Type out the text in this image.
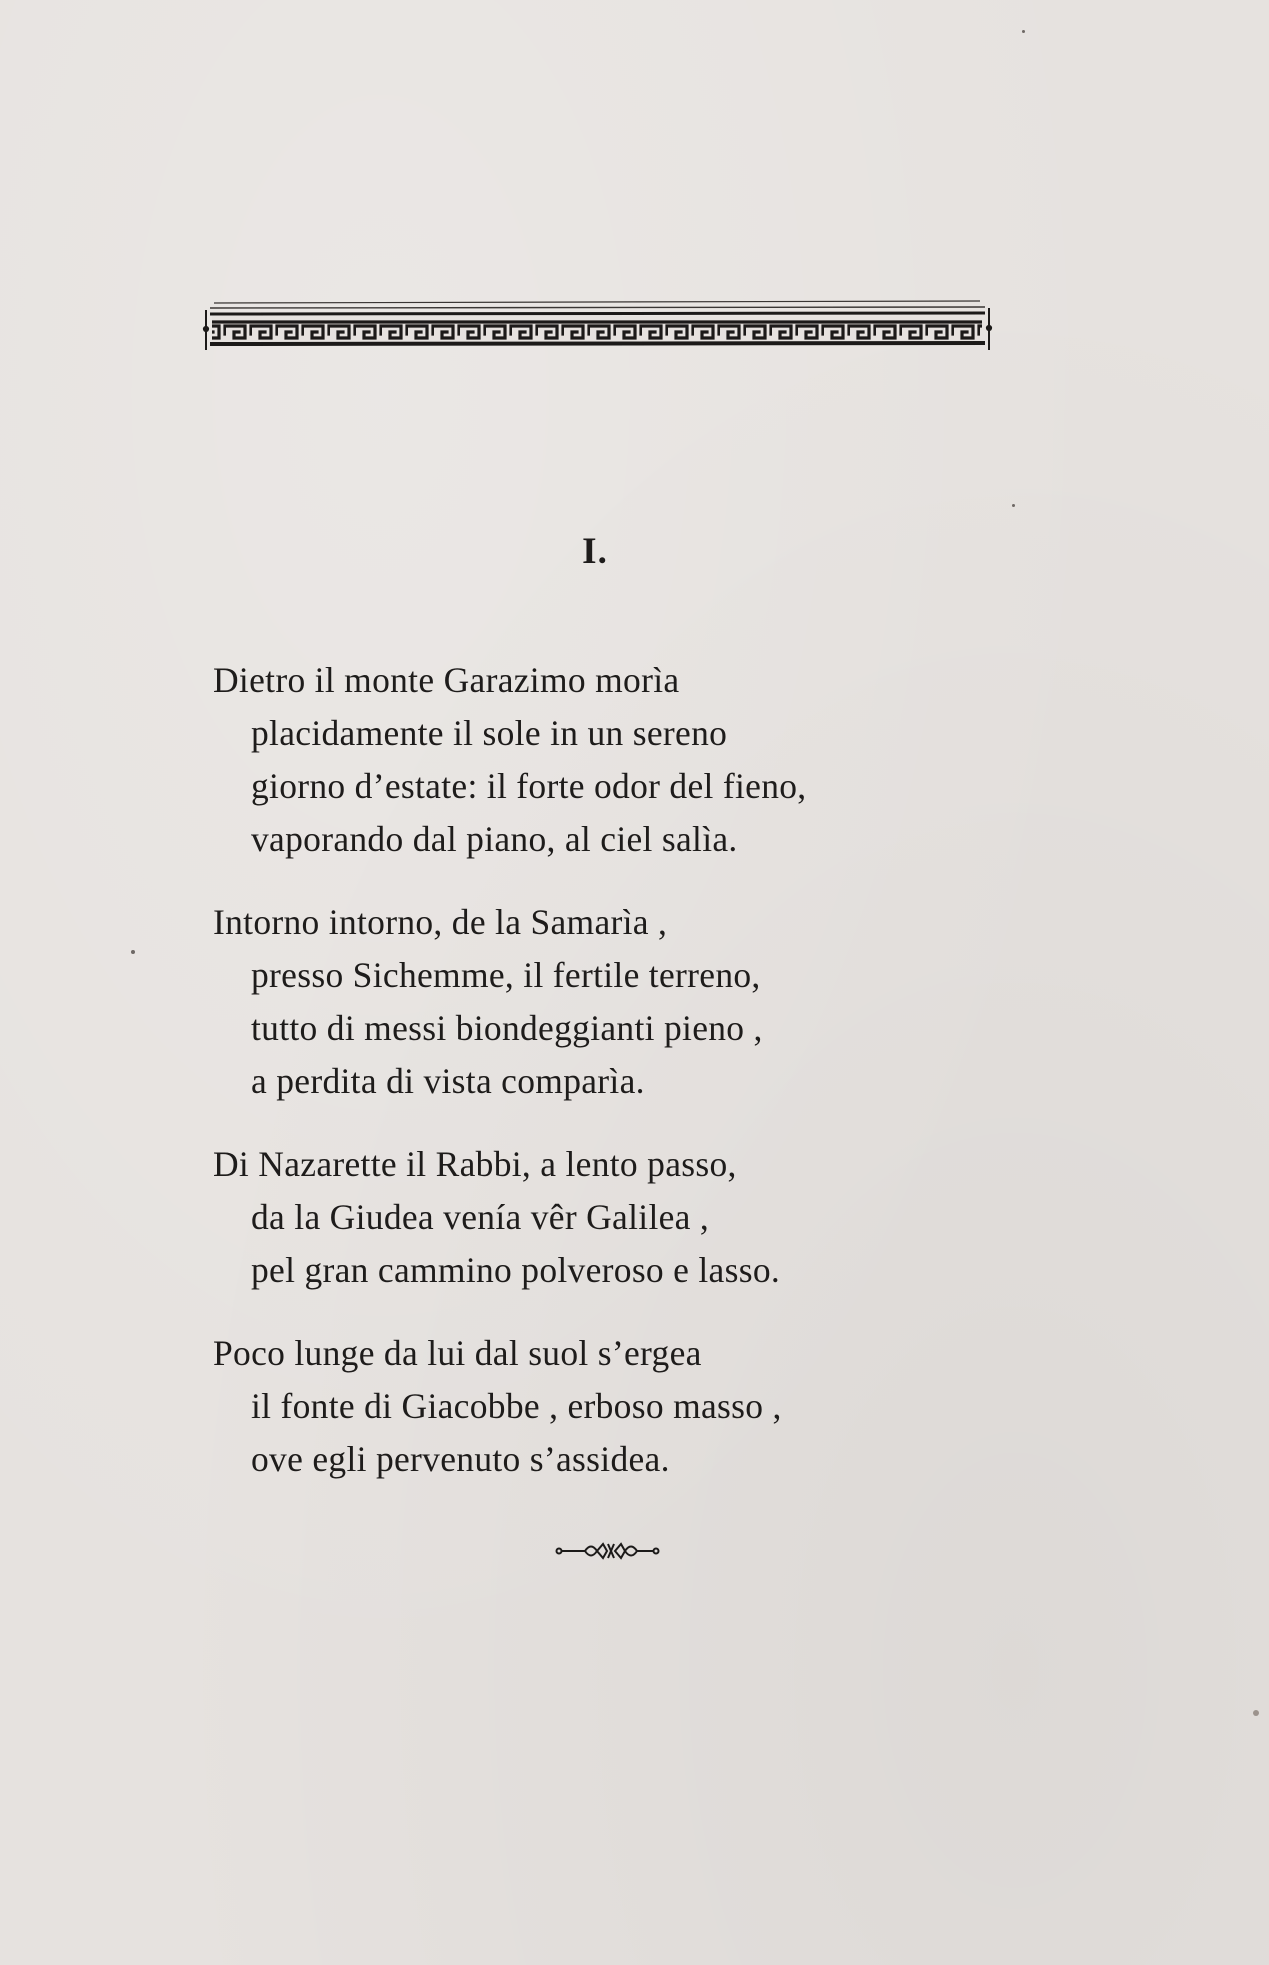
I.
Dietro il monte Garazimo morìa
placidamente il sole in un sereno
giorno d’estate: il forte odor del fieno,
vaporando dal piano, al ciel salìa.
Intorno intorno, de la Samarìa ,
presso Sichemme, il fertile terreno,
tutto di messi biondeggianti pieno ,
a perdita di vista comparìa.
Di Nazarette il Rabbi, a lento passo,
da la Giudea venía vêr Galilea ,
pel gran cammino polveroso e lasso.
Poco lunge da lui dal suol s’ergea
il fonte di Giacobbe , erboso masso ,
ove egli pervenuto s’assidea.
